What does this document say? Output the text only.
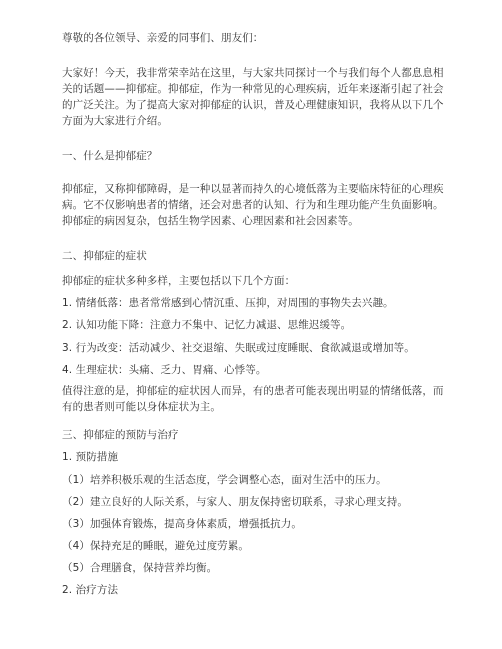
尊敬的各位领导、亲爱的同事们、朋友们：
大家好！今天，我非常荣幸站在这里，与大家共同探讨一个与我们每个人都息息相
关的话题——抑郁症。抑郁症，作为一种常见的心理疾病，近年来逐渐引起了社会
的广泛关注。为了提高大家对抑郁症的认识，普及心理健康知识，我将从以下几个
方面为大家进行介绍。
一、什么是抑郁症？
抑郁症，又称抑郁障碍，是一种以显著而持久的心境低落为主要临床特征的心理疾
病。它不仅影响患者的情绪，还会对患者的认知、行为和生理功能产生负面影响。
抑郁症的病因复杂，包括生物学因素、心理因素和社会因素等。
二、抑郁症的症状
抑郁症的症状多种多样，主要包括以下几个方面：
1. 情绪低落：患者常常感到心情沉重、压抑，对周围的事物失去兴趣。
2. 认知功能下降：注意力不集中、记忆力减退、思维迟缓等。
3. 行为改变：活动减少、社交退缩、失眠或过度睡眠、食欲减退或增加等。
4. 生理症状：头痛、乏力、胃痛、心悸等。
值得注意的是，抑郁症的症状因人而异，有的患者可能表现出明显的情绪低落，而
有的患者则可能以身体症状为主。
三、抑郁症的预防与治疗
1. 预防措施
（1）培养积极乐观的生活态度，学会调整心态，面对生活中的压力。
（2）建立良好的人际关系，与家人、朋友保持密切联系，寻求心理支持。
（3）加强体育锻炼，提高身体素质，增强抵抗力。
（4）保持充足的睡眠，避免过度劳累。
（5）合理膳食，保持营养均衡。
2. 治疗方法
